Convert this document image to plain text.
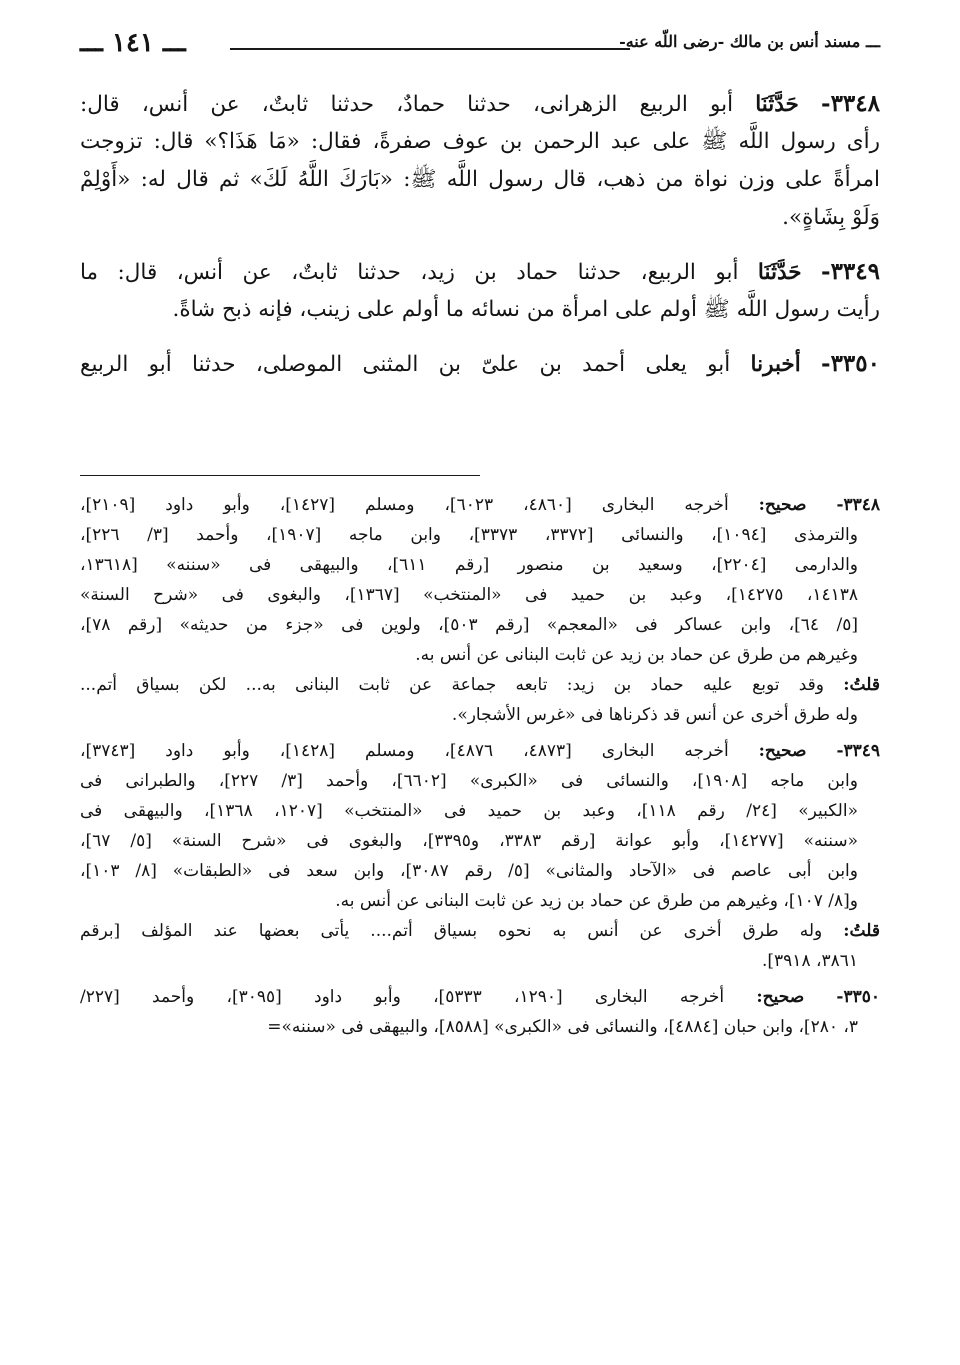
ـــ مسند أنس بن مالك -رضى اللّه عنه-
ـــ ١٤١ ـــ
٣٣٤٨- حَدَّثَنَا أبو الربيع الزهرانى، حدثنا حمادٌ، حدثنا ثابتٌ، عن أنس، قال:
رأى رسول اللَّه ﷺ على عبد الرحمن بن عوف صفرةً، فقال: «مَا هَذَا؟» قال: تزوجت
امرأةً على وزن نواة من ذهب، قال رسول اللَّه ﷺ: «بَارَكَ اللَّهُ لَكَ» ثم قال له: «أَوْلِمْ
وَلَوْ بِشَاةٍ».
٣٣٤٩- حَدَّثَنَا أبو الربيع، حدثنا حماد بن زيد، حدثنا ثابتٌ، عن أنس، قال: ما
رأيت رسول اللَّه ﷺ أولم على امرأة من نسائه ما أولم على زينب، فإنه ذبح شاةً.
٣٣٥٠- أخبرنا أبو يعلى أحمد بن علىّ بن المثنى الموصلى، حدثنا أبو الربيع
٣٣٤٨- صحيح: أخرجه البخارى [٤٨٦٠، ٦٠٢٣]، ومسلم [١٤٢٧]، وأبو داود [٢١٠٩]،
والترمذى [١٠٩٤]، والنسائى [٣٣٧٢، ٣٣٧٣]، وابن ماجه [١٩٠٧]، وأحمد [٣/ ٢٢٦]،
والدارمى [٢٢٠٤]، وسعيد بن منصور [رقم ٦١١]، والبيهقى فى «سننه» [١٣٦١٨،
١٤١٣٨، ١٤٢٧٥]، وعبد بن حميد فى «المنتخب» [١٣٦٧]، والبغوى فى «شرح السنة»
[٥/ ٦٤]، وابن عساكر فى «المعجم» [رقم ٥٠٣]، ولوين فى «جزء من حديثه» [رقم ٧٨]،
وغيرهم من طرق عن حماد بن زيد عن ثابت البنانى عن أنس به.
قلتُ: وقد توبع عليه حماد بن زيد: تابعه جماعة عن ثابت البنانى به... لكن بسياق أتم...
وله طرق أخرى عن أنس قد ذكرناها فى «غرس الأشجار».
٣٣٤٩- صحيح: أخرجه البخارى [٤٨٧٣، ٤٨٧٦]، ومسلم [١٤٢٨]، وأبو داود [٣٧٤٣]،
وابن ماجه [١٩٠٨]، والنسائى فى «الكبرى» [٦٦٠٢]، وأحمد [٣/ ٢٢٧]، والطبرانى فى
«الكبير» [٢٤/ رقم ١١٨]، وعبد بن حميد فى «المنتخب» [١٢٠٧، ١٣٦٨]، والبيهقى فى
«سننه» [١٤٢٧٧]، وأبو عوانة [رقم ٣٣٨٣، و٣٣٩٥]، والبغوى فى «شرح السنة» [٥/ ٦٧]،
وابن أبى عاصم فى «الآحاد والمثانى» [٥/ رقم ٣٠٨٧]، وابن سعد فى «الطبقات» [٨/ ١٠٣]،
و[٨/ ١٠٧]، وغيرهم من طرق عن حماد بن زيد عن ثابت البنانى عن أنس به.
قلتُ: وله طرق أخرى عن أنس به نحوه بسياق أتم.... يأتى بعضها عند المؤلف [برقم
٣٨٦١، ٣٩١٨].
٣٣٥٠- صحيح: أخرجه البخارى [١٢٩٠، ٥٣٣٣]، وأبو داود [٣٠٩٥]، وأحمد [٢٢٧/
٣، ٢٨٠]، وابن حبان [٤٨٨٤]، والنسائى فى «الكبرى» [٨٥٨٨]، والبيهقى فى «سننه»=
